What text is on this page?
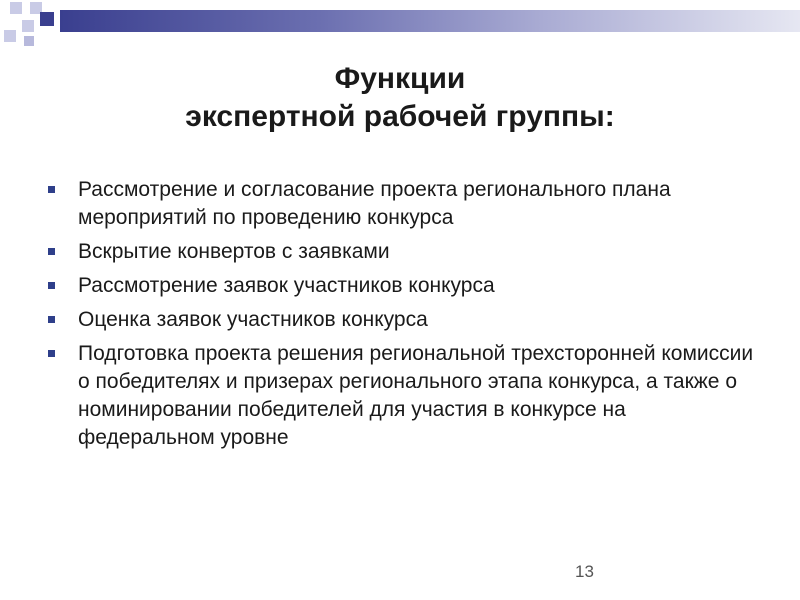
Функции
экспертной рабочей группы:
Рассмотрение и согласование проекта регионального плана мероприятий по проведению конкурса
Вскрытие конвертов с заявками
Рассмотрение заявок участников конкурса
Оценка заявок участников конкурса
Подготовка проекта решения региональной трехсторонней комиссии о победителях и призерах регионального этапа конкурса, а также о номинировании победителей для участия в конкурсе на федеральном уровне
13
